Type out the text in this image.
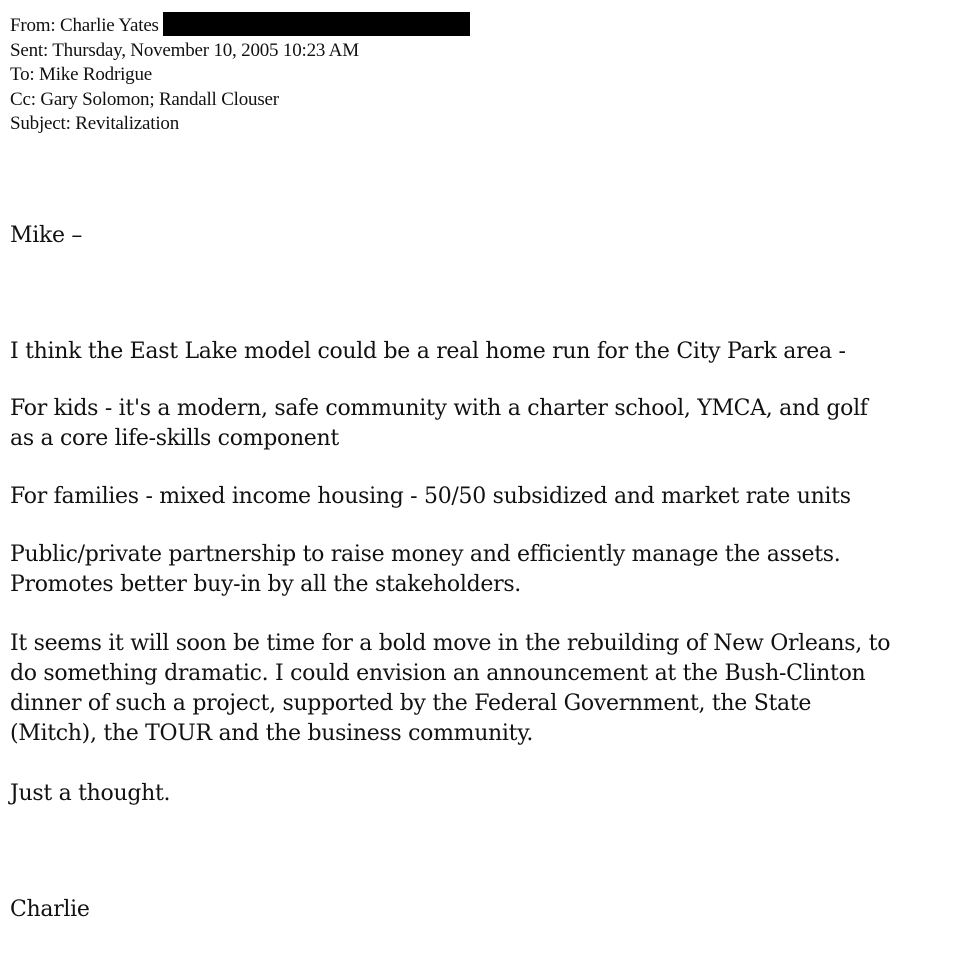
From: Charlie Yates
Sent: Thursday, November 10, 2005 10:23 AM
To: Mike Rodrigue
Cc: Gary Solomon; Randall Clouser
Subject: Revitalization
Mike –
I think the East Lake model could be a real home run for the City Park area -
For kids - it's a modern, safe community with a charter school, YMCA, and golf
as a core life-skills component
For families - mixed income housing - 50/50 subsidized and market rate units
Public/private partnership to raise money and efficiently manage the assets.
Promotes better buy-in by all the stakeholders.
It seems it will soon be time for a bold move in the rebuilding of New Orleans, to
do something dramatic. I could envision an announcement at the Bush-Clinton
dinner of such a project, supported by the Federal Government, the State
(Mitch), the TOUR and the business community.
Just a thought.
Charlie
